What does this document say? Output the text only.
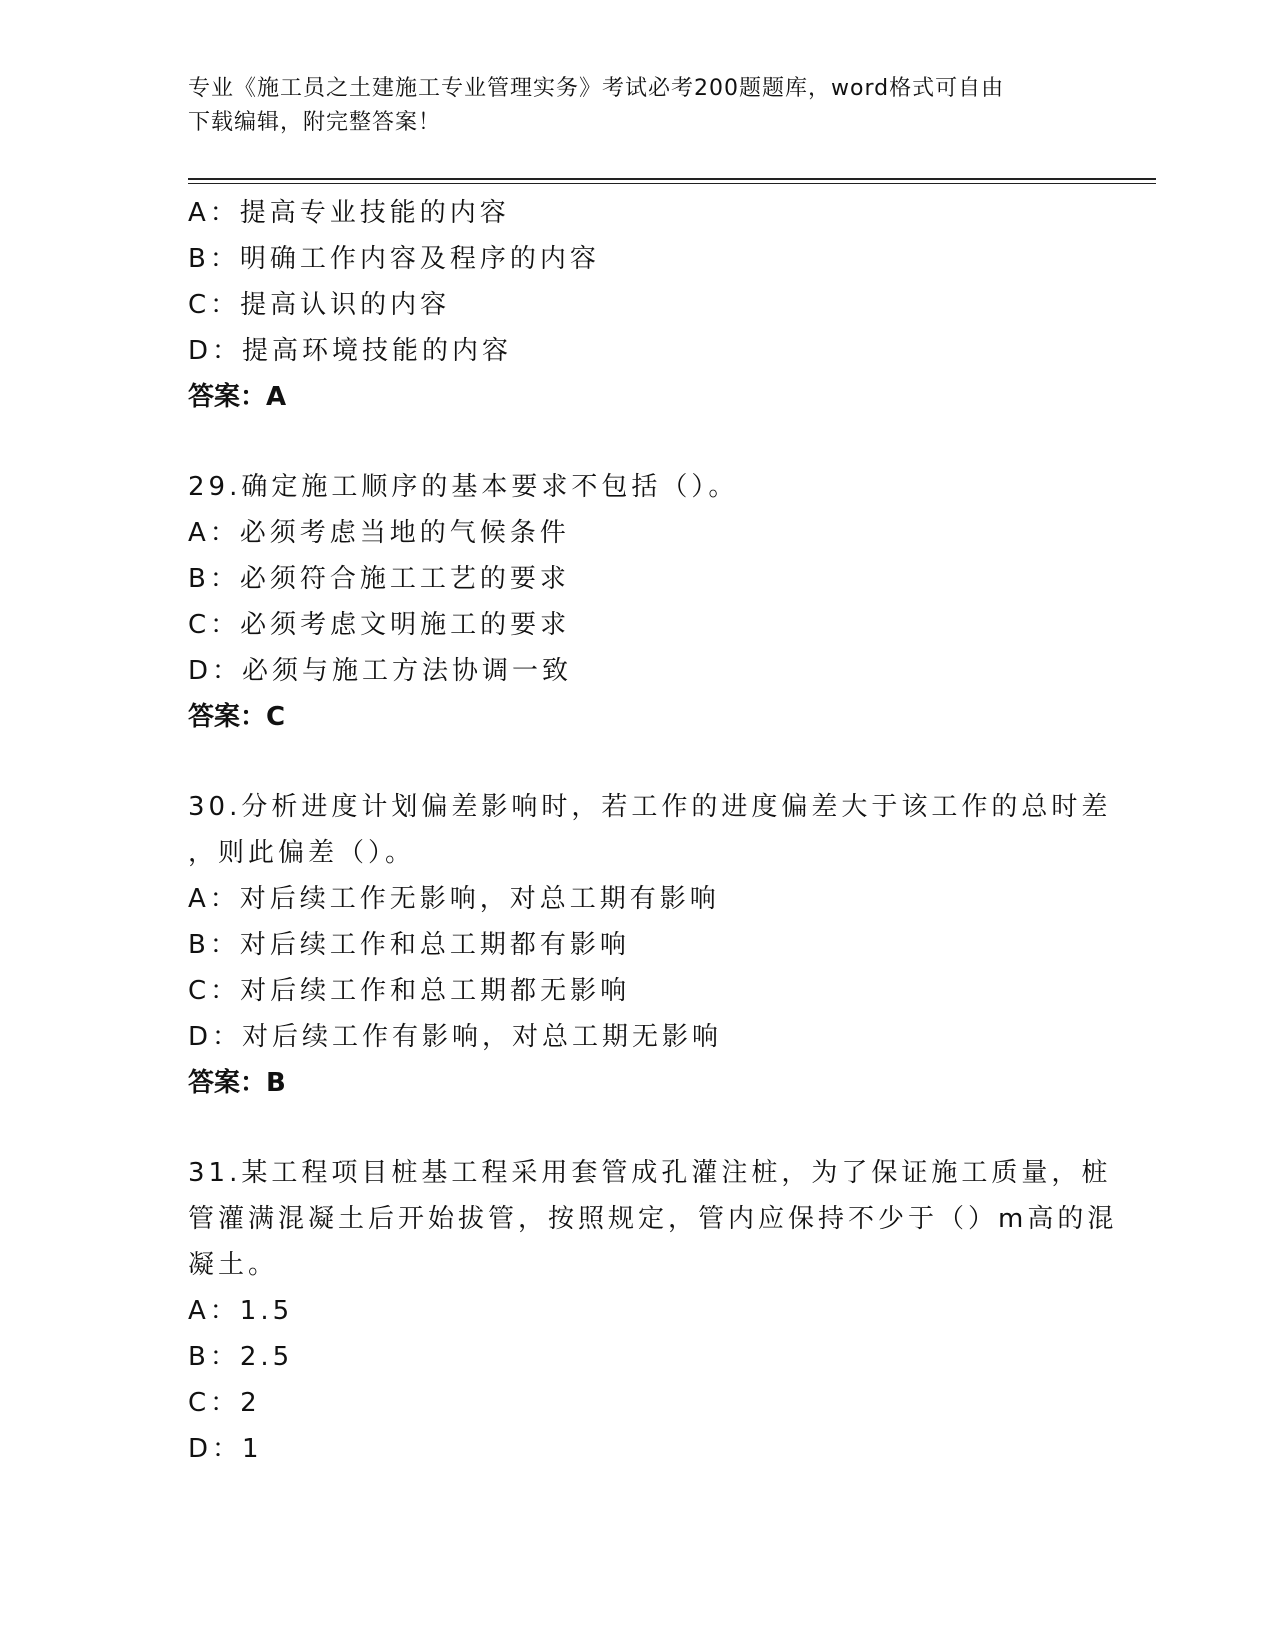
专业《施工员之土建施工专业管理实务》考试必考200题题库，word格式可自由
下载编辑，附完整答案！
A：提高专业技能的内容
B：明确工作内容及程序的内容
C：提高认识的内容
D：提高环境技能的内容
答案：A
29.确定施工顺序的基本要求不包括（）。
A：必须考虑当地的气候条件
B：必须符合施工工艺的要求
C：必须考虑文明施工的要求
D：必须与施工方法协调一致
答案：C
30.分析进度计划偏差影响时，若工作的进度偏差大于该工作的总时差
，则此偏差（）。
A：对后续工作无影响，对总工期有影响
B：对后续工作和总工期都有影响
C：对后续工作和总工期都无影响
D：对后续工作有影响，对总工期无影响
答案：B
31.某工程项目桩基工程采用套管成孔灌注桩，为了保证施工质量，桩
管灌满混凝土后开始拔管，按照规定，管内应保持不少于（）m高的混
凝土。
A：1.5
B：2.5
C：2
D：1
